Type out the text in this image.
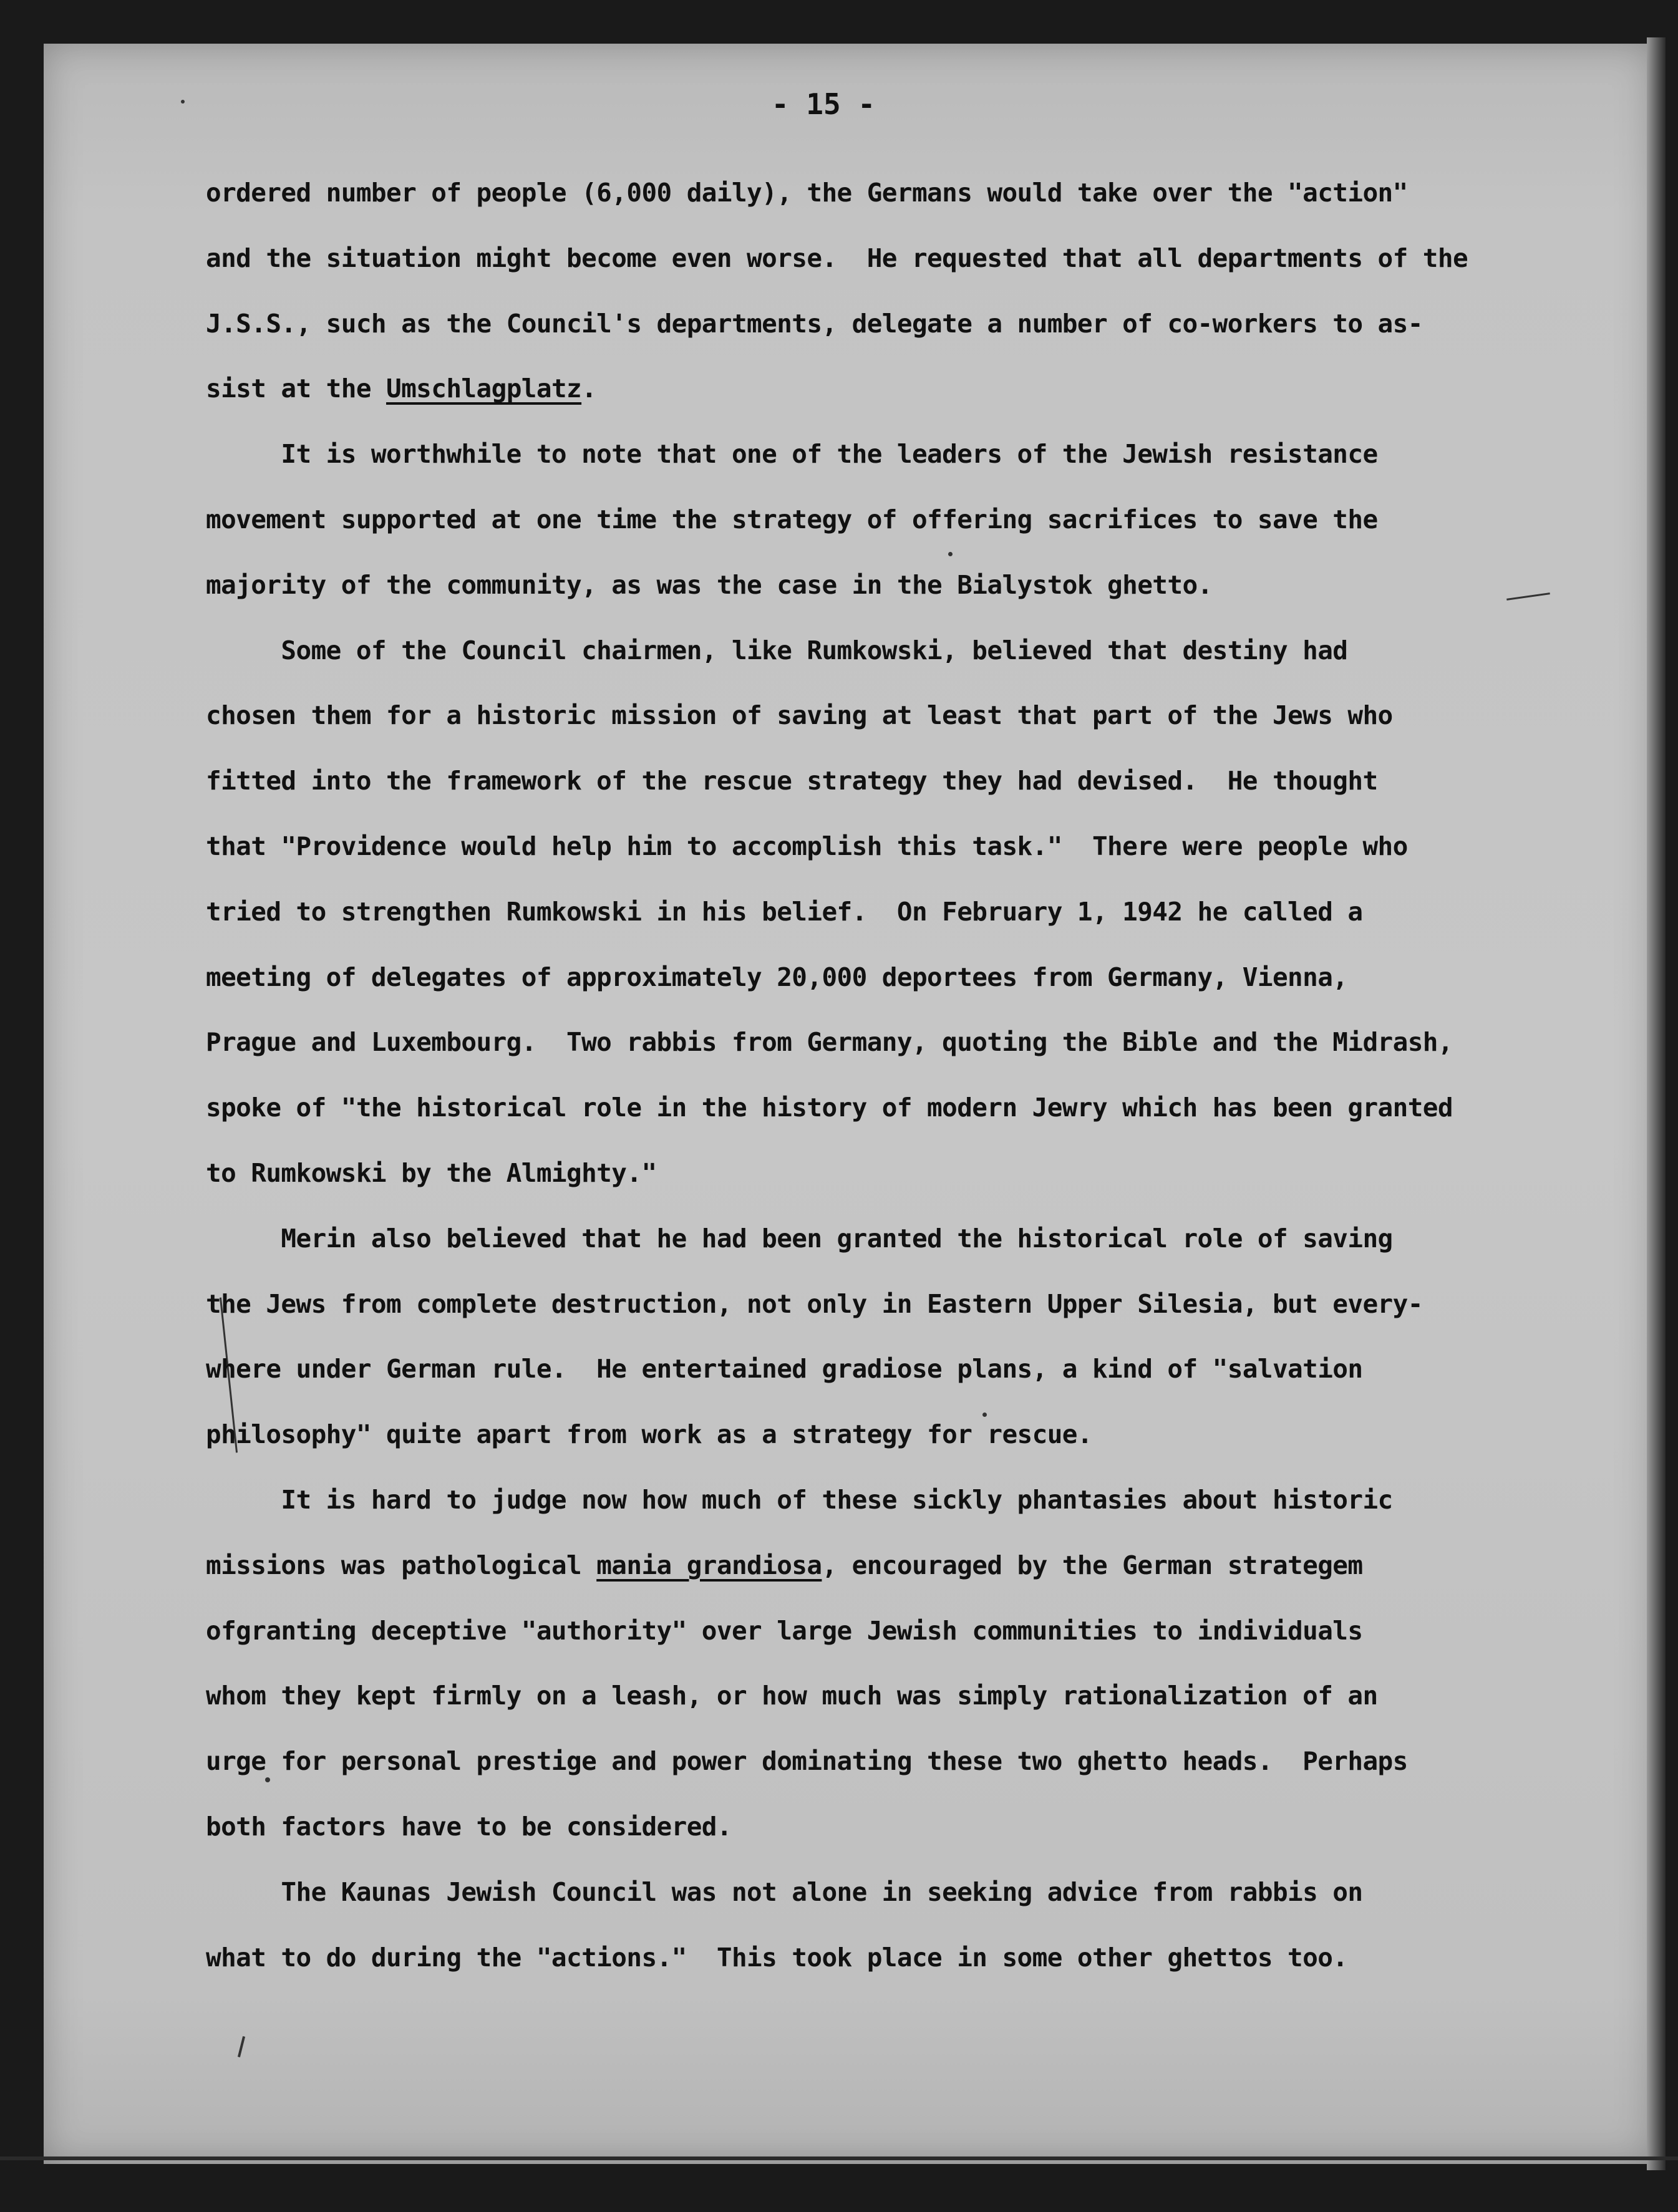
- 15 -
ordered number of people (6,000 daily), the Germans would take over the "action"
and the situation might become even worse.  He requested that all departments of the
J.S.S., such as the Council's departments, delegate a number of co-workers to as-
sist at the Umschlagplatz.
It is worthwhile to note that one of the leaders of the Jewish resistance
movement supported at one time the strategy of offering sacrifices to save the
majority of the community, as was the case in the Bialystok ghetto.
Some of the Council chairmen, like Rumkowski, believed that destiny had
chosen them for a historic mission of saving at least that part of the Jews who
fitted into the framework of the rescue strategy they had devised.  He thought
that "Providence would help him to accomplish this task."  There were people who
tried to strengthen Rumkowski in his belief.  On February 1, 1942 he called a
meeting of delegates of approximately 20,000 deportees from Germany, Vienna,
Prague and Luxembourg.  Two rabbis from Germany, quoting the Bible and the Midrash,
spoke of "the historical role in the history of modern Jewry which has been granted
to Rumkowski by the Almighty."
Merin also believed that he had been granted the historical role of saving
the Jews from complete destruction, not only in Eastern Upper Silesia, but every-
where under German rule.  He entertained gradiose plans, a kind of "salvation
philosophy" quite apart from work as a strategy for rescue.
It is hard to judge now how much of these sickly phantasies about historic
missions was pathological mania grandiosa, encouraged by the German strategem
ofgranting deceptive "authority" over large Jewish communities to individuals
whom they kept firmly on a leash, or how much was simply rationalization of an
urge for personal prestige and power dominating these two ghetto heads.  Perhaps
both factors have to be considered.
The Kaunas Jewish Council was not alone in seeking advice from rabbis on
what to do during the "actions."  This took place in some other ghettos too.
